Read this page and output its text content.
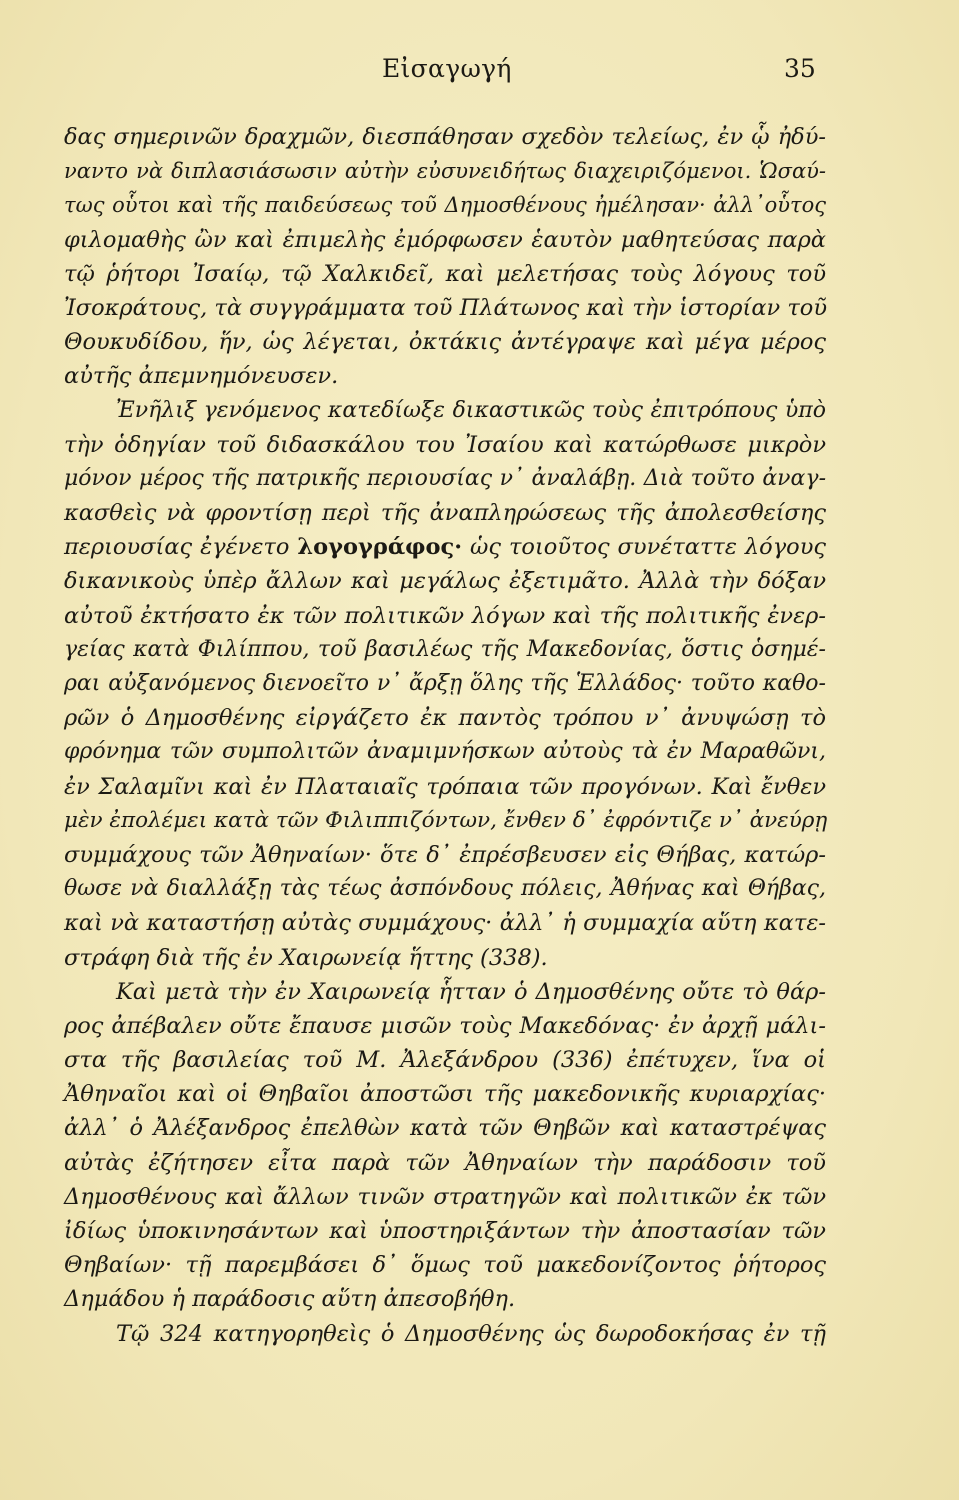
Εἰσαγωγή	35
δας σημερινῶν δραχμῶν, διεσπάθησαν σχεδὸν τελείως, ἐν ᾧ ἠδύ-
ναντο νὰ διπλασιάσωσιν αὐτὴν εὐσυνειδήτως διαχειριζόμενοι. Ὡσαύ-
τως οὗτοι καὶ τῆς παιδεύσεως τοῦ Δημοσθένους ἠμέλησαν· ἀλλ᾿οὗτος
φιλομαθὴς ὢν καὶ ἐπιμελὴς ἐμόρφωσεν ἑαυτὸν μαθητεύσας παρὰ
τῷ ῥήτορι Ἰσαίῳ, τῷ Χαλκιδεῖ, καὶ μελετήσας τοὺς λόγους τοῦ
Ἰσοκράτους, τὰ συγγράμματα τοῦ Πλάτωνος καὶ τὴν ἱστορίαν τοῦ
Θουκυδίδου, ἥν, ὡς λέγεται, ὀκτάκις ἀντέγραψε καὶ μέγα μέρος
αὐτῆς ἀπεμνημόνευσεν.
Ἐνῆλιξ γενόμενος κατεδίωξε δικαστικῶς τοὺς ἐπιτρόπους ὑπὸ
τὴν ὁδηγίαν τοῦ διδασκάλου του Ἰσαίου καὶ κατώρθωσε μικρὸν
μόνον μέρος τῆς πατρικῆς περιουσίας ν᾿ ἀναλάβῃ. Διὰ τοῦτο ἀναγ-
κασθεὶς νὰ φροντίσῃ περὶ τῆς ἀναπληρώσεως τῆς ἀπολεσθείσης
περιουσίας ἐγένετο λογογράφος· ὡς τοιοῦτος συνέταττε λόγους
δικανικοὺς ὑπὲρ ἄλλων καὶ μεγάλως ἐξετιμᾶτο. Ἀλλὰ τὴν δόξαν
αὐτοῦ ἐκτήσατο ἐκ τῶν πολιτικῶν λόγων καὶ τῆς πολιτικῆς ἐνερ-
γείας κατὰ Φιλίππου, τοῦ βασιλέως τῆς Μακεδονίας, ὅστις ὁσημέ-
ραι αὐξανόμενος διενοεῖτο ν᾿ ἄρξῃ ὅλης τῆς Ἑλλάδος· τοῦτο καθο-
ρῶν ὁ Δημοσθένης εἰργάζετο ἐκ παντὸς τρόπου ν᾿ ἀνυψώσῃ τὸ
φρόνημα τῶν συμπολιτῶν ἀναμιμνήσκων αὐτοὺς τὰ ἐν Μαραθῶνι,
ἐν Σαλαμῖνι καὶ ἐν Πλαταιαῖς τρόπαια τῶν προγόνων. Καὶ ἔνθεν
μὲν ἐπολέμει κατὰ τῶν Φιλιππιζόντων, ἔνθεν δ᾿ ἐφρόντιζε ν᾿ ἀνεύρῃ
συμμάχους τῶν Ἀθηναίων· ὅτε δ᾿ ἐπρέσβευσεν εἰς Θήβας, κατώρ-
θωσε νὰ διαλλάξῃ τὰς τέως ἀσπόνδους πόλεις, Ἀθήνας καὶ Θήβας,
καὶ νὰ καταστήσῃ αὐτὰς συμμάχους· ἀλλ᾿ ἡ συμμαχία αὕτη κατε-
στράφη διὰ τῆς ἐν Χαιρωνείᾳ ἥττης (338).
Καὶ μετὰ τὴν ἐν Χαιρωνείᾳ ἧτταν ὁ Δημοσθένης οὔτε τὸ θάρ-
ρος ἀπέβαλεν οὔτε ἔπαυσε μισῶν τοὺς Μακεδόνας· ἐν ἀρχῇ μάλι-
στα τῆς βασιλείας τοῦ Μ. Ἀλεξάνδρου (336) ἐπέτυχεν, ἵνα οἱ
Ἀθηναῖοι καὶ οἱ Θηβαῖοι ἀποστῶσι τῆς μακεδονικῆς κυριαρχίας·
ἀλλ᾿ ὁ Ἀλέξανδρος ἐπελθὼν κατὰ τῶν Θηβῶν καὶ καταστρέψας
αὐτὰς ἐζήτησεν εἶτα παρὰ τῶν Ἀθηναίων τὴν παράδοσιν τοῦ
Δημοσθένους καὶ ἄλλων τινῶν στρατηγῶν καὶ πολιτικῶν ἐκ τῶν
ἰδίως ὑποκινησάντων καὶ ὑποστηριξάντων τὴν ἀποστασίαν τῶν
Θηβαίων· τῇ παρεμβάσει δ᾿ ὅμως τοῦ μακεδονίζοντος ῥήτορος
Δημάδου ἡ παράδοσις αὕτη ἀπεσοβήθη.
Τῷ 324 κατηγορηθεὶς ὁ Δημοσθένης ὡς δωροδοκήσας ἐν τῇ
